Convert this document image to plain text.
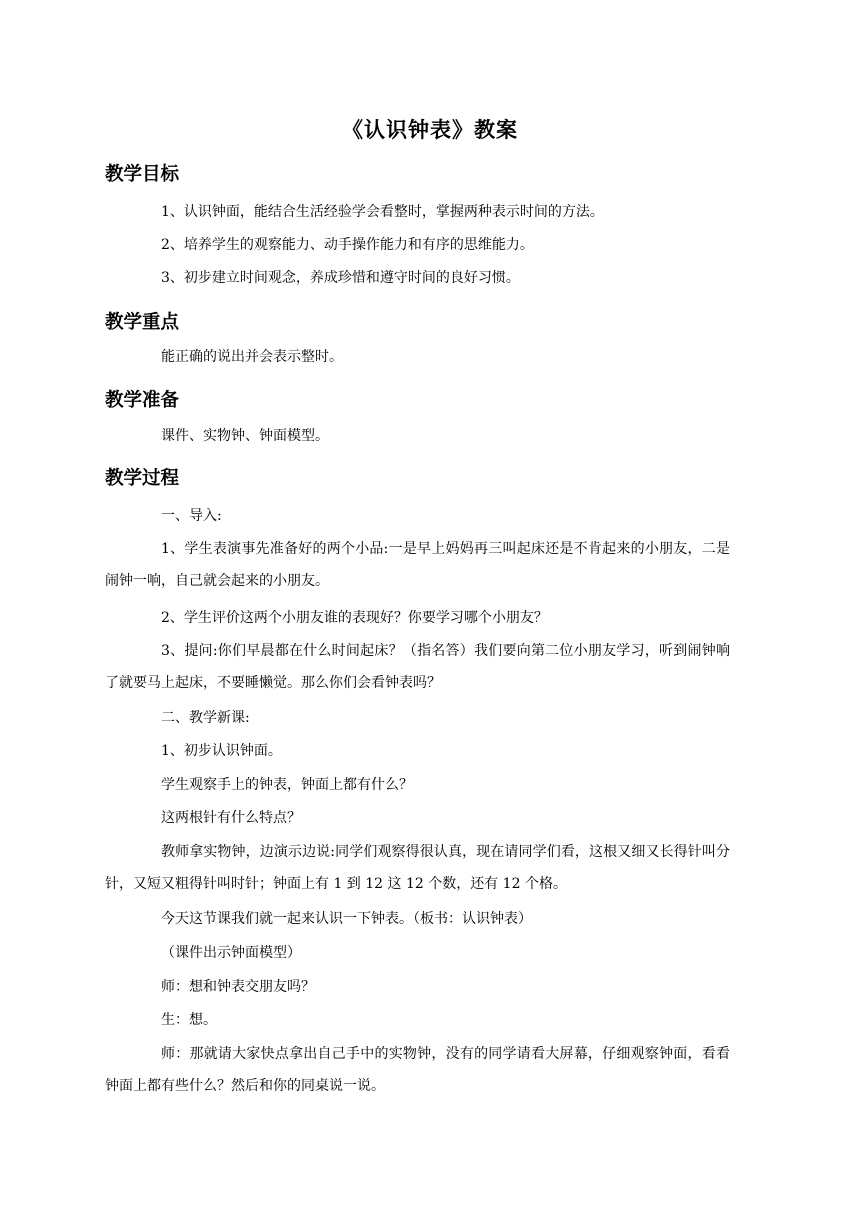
《认识钟表》教案
教学目标
1、认识钟面，能结合生活经验学会看整时，掌握两种表示时间的方法。
2、培养学生的观察能力、动手操作能力和有序的思维能力。
3、初步建立时间观念，养成珍惜和遵守时间的良好习惯。
教学重点
能正确的说出并会表示整时。
教学准备
课件、实物钟、钟面模型。
教学过程
一、导入:
1、学生表演事先准备好的两个小品:一是早上妈妈再三叫起床还是不肯起来的小朋友，二是闹钟一响，自己就会起来的小朋友。
2、学生评价这两个小朋友谁的表现好？你要学习哪个小朋友？
3、提问:你们早晨都在什么时间起床？（指名答）我们要向第二位小朋友学习，听到闹钟响了就要马上起床，不要睡懒觉。那么你们会看钟表吗？
二、教学新课:
1、初步认识钟面。
学生观察手上的钟表，钟面上都有什么？
这两根针有什么特点？
教师拿实物钟，边演示边说:同学们观察得很认真，现在请同学们看，这根又细又长得针叫分针，又短又粗得针叫时针；钟面上有 1 到 12 这 12 个数，还有 12 个格。
今天这节课我们就一起来认识一下钟表。（板书：认识钟表）
（课件出示钟面模型）
师：想和钟表交朋友吗？
生：想。
师：那就请大家快点拿出自己手中的实物钟，没有的同学请看大屏幕，仔细观察钟面，看看钟面上都有些什么？然后和你的同桌说一说。
